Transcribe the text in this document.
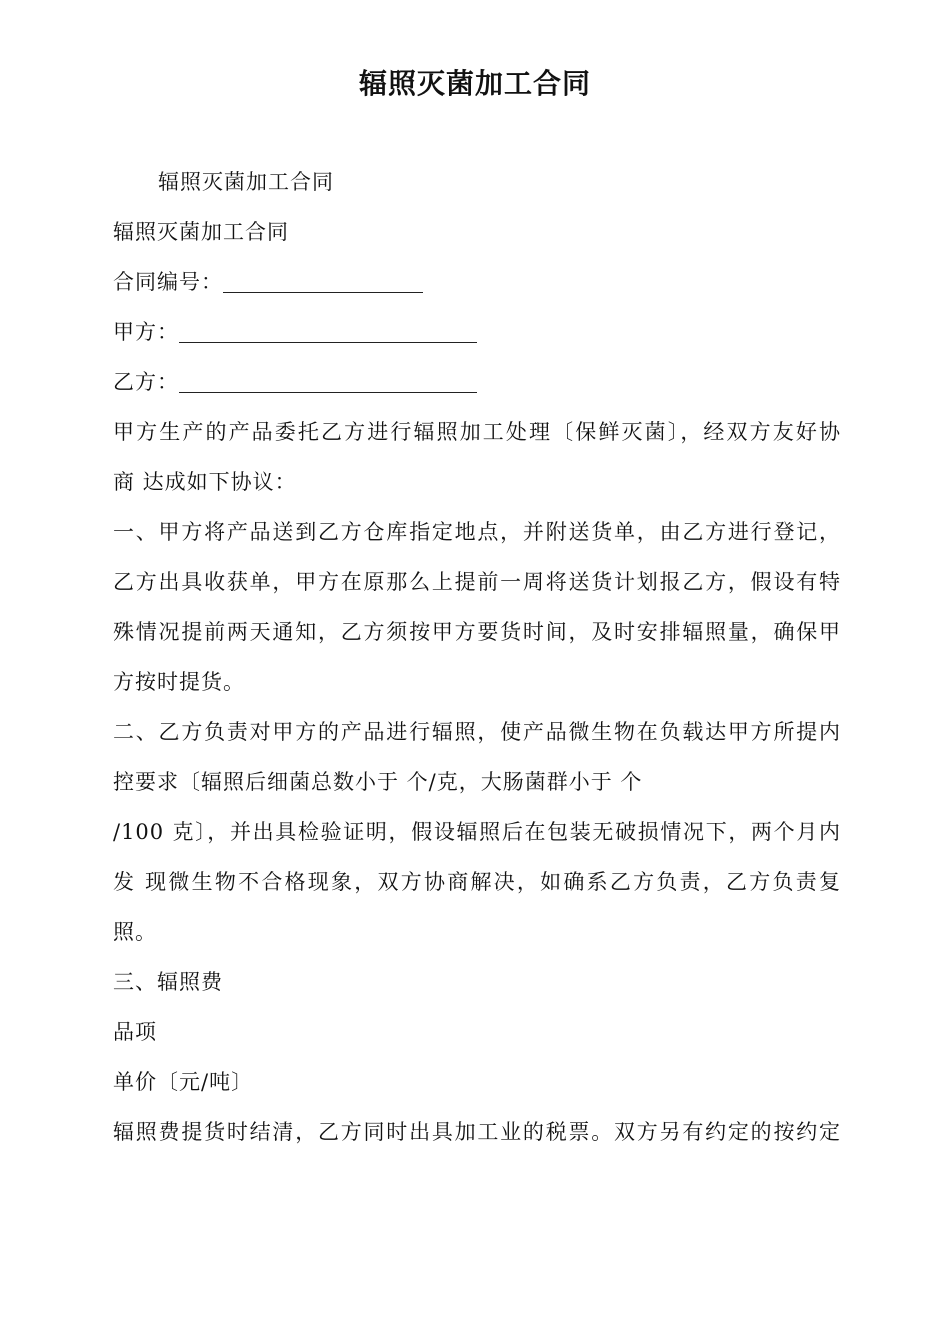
辐照灭菌加工合同
辐照灭菌加工合同
辐照灭菌加工合同
合同编号：
甲方：
乙方：
甲方生产的产品委托乙方进行辐照加工处理〔保鲜灭菌〕，经双方友好协
商 达成如下协议：
一、甲方将产品送到乙方仓库指定地点，并附送货单，由乙方进行登记，
乙方出具收获单，甲方在原那么上提前一周将送货计划报乙方，假设有特
殊情况提前两天通知，乙方须按甲方要货时间，及时安排辐照量，确保甲
方按时提货。
二、乙方负责对甲方的产品进行辐照，使产品微生物在负载达甲方所提内
控要求〔辐照后细菌总数小于 个/克，大肠菌群小于 个
/100 克〕，并出具检验证明，假设辐照后在包装无破损情况下，两个月内
发 现微生物不合格现象，双方协商解决，如确系乙方负责，乙方负责复
照。
三、辐照费
品项
单价〔元/吨〕
辐照费提货时结清，乙方同时出具加工业的税票。双方另有约定的按约定
